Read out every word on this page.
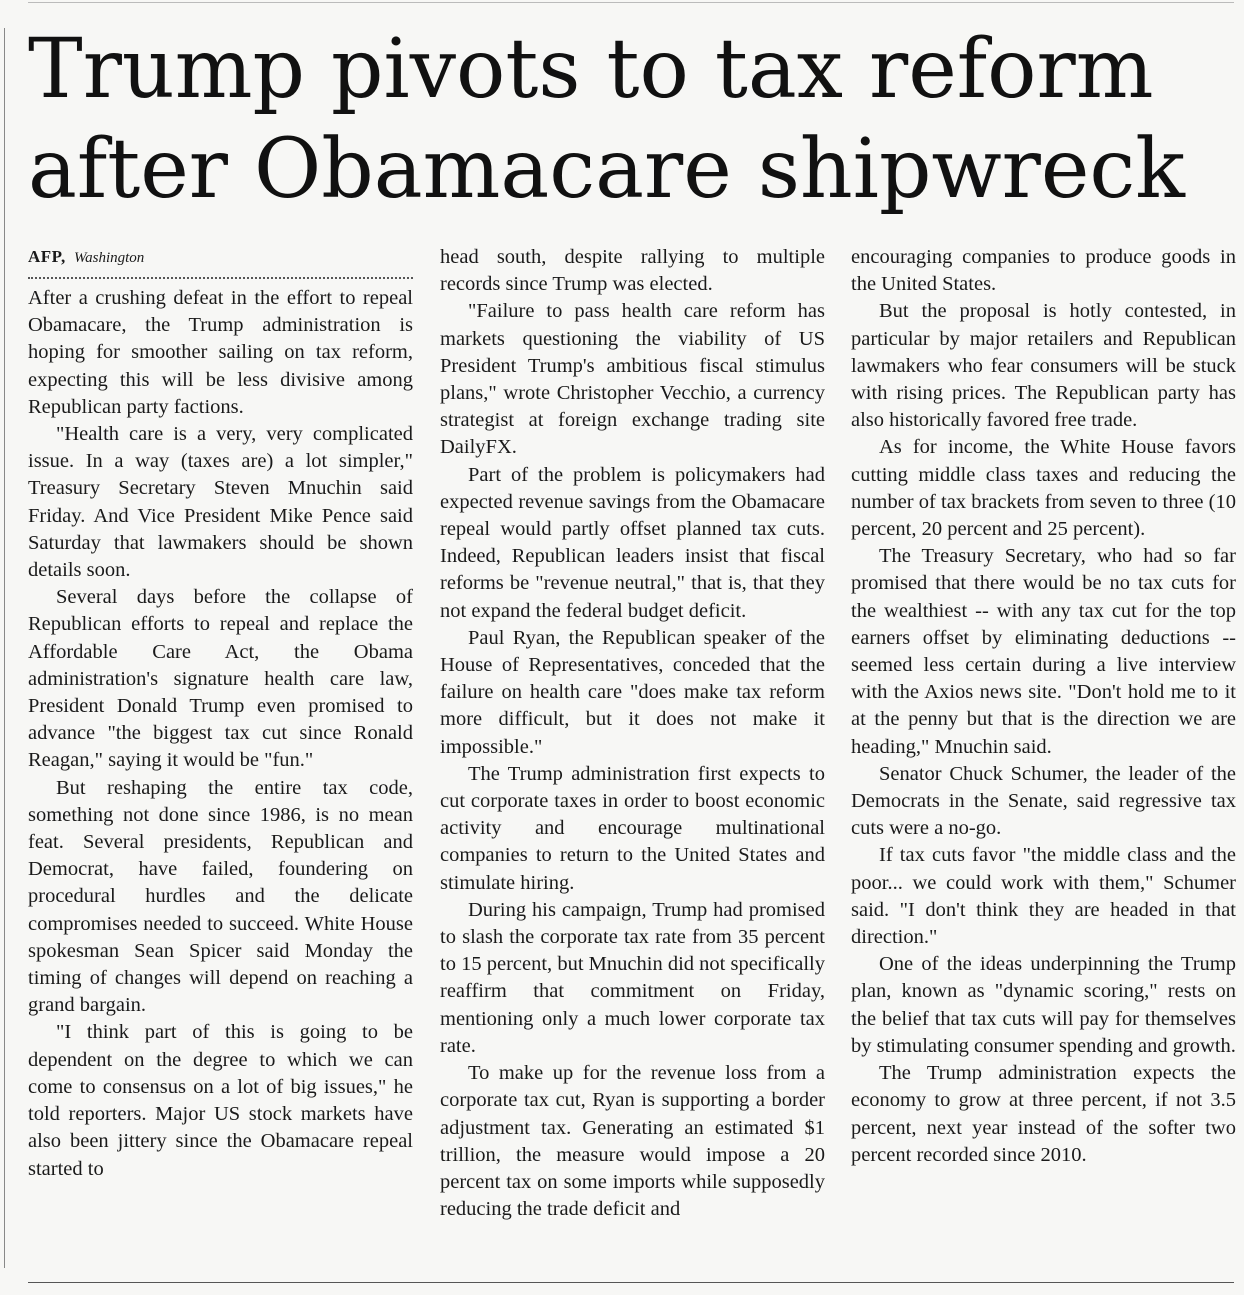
Trump pivots to tax reform
after Obamacare shipwreck
AFP, Washington

After a crushing defeat in the effort to repeal Obamacare, the Trump administration is hoping for smoother sailing on tax reform, expecting this will be less divisive among Republican party factions.

"Health care is a very, very complicated issue. In a way (taxes are) a lot simpler," Treasury Secretary Steven Mnuchin said Friday. And Vice President Mike Pence said Saturday that lawmakers should be shown details soon.

Several days before the collapse of Republican efforts to repeal and replace the Affordable Care Act, the Obama administration's signature health care law, President Donald Trump even promised to advance "the biggest tax cut since Ronald Reagan," saying it would be "fun."

But reshaping the entire tax code, something not done since 1986, is no mean feat. Several presidents, Republican and Democrat, have failed, foundering on procedural hurdles and the delicate compromises needed to succeed. White House spokesman Sean Spicer said Monday the timing of changes will depend on reaching a grand bargain.

"I think part of this is going to be dependent on the degree to which we can come to consensus on a lot of big issues," he told reporters. Major US stock markets have also been jittery since the Obamacare repeal started to

head south, despite rallying to multiple records since Trump was elected.

"Failure to pass health care reform has markets questioning the viability of US President Trump's ambitious fiscal stimulus plans," wrote Christopher Vecchio, a currency strategist at foreign exchange trading site DailyFX.

Part of the problem is policymakers had expected revenue savings from the Obamacare repeal would partly offset planned tax cuts. Indeed, Republican leaders insist that fiscal reforms be "revenue neutral," that is, that they not expand the federal budget deficit.

Paul Ryan, the Republican speaker of the House of Representatives, conceded that the failure on health care "does make tax reform more difficult, but it does not make it impossible."

The Trump administration first expects to cut corporate taxes in order to boost economic activity and encourage multinational companies to return to the United States and stimulate hiring.

During his campaign, Trump had promised to slash the corporate tax rate from 35 percent to 15 percent, but Mnuchin did not specifically reaffirm that commitment on Friday, mentioning only a much lower corporate tax rate.

To make up for the revenue loss from a corporate tax cut, Ryan is supporting a border adjustment tax. Generating an estimated $1 trillion, the measure would impose a 20 percent tax on some imports while supposedly reducing the trade deficit and

encouraging companies to produce goods in the United States.

But the proposal is hotly contested, in particular by major retailers and Republican lawmakers who fear consumers will be stuck with rising prices. The Republican party has also historically favored free trade.

As for income, the White House favors cutting middle class taxes and reducing the number of tax brackets from seven to three (10 percent, 20 percent and 25 percent).

The Treasury Secretary, who had so far promised that there would be no tax cuts for the wealthiest -- with any tax cut for the top earners offset by eliminating deductions -- seemed less certain during a live interview with the Axios news site. "Don't hold me to it at the penny but that is the direction we are heading," Mnuchin said.

Senator Chuck Schumer, the leader of the Democrats in the Senate, said regressive tax cuts were a no-go.

If tax cuts favor "the middle class and the poor... we could work with them," Schumer said. "I don't think they are headed in that direction."

One of the ideas underpinning the Trump plan, known as "dynamic scoring," rests on the belief that tax cuts will pay for themselves by stimulating consumer spending and growth.

The Trump administration expects the economy to grow at three percent, if not 3.5 percent, next year instead of the softer two percent recorded since 2010.
